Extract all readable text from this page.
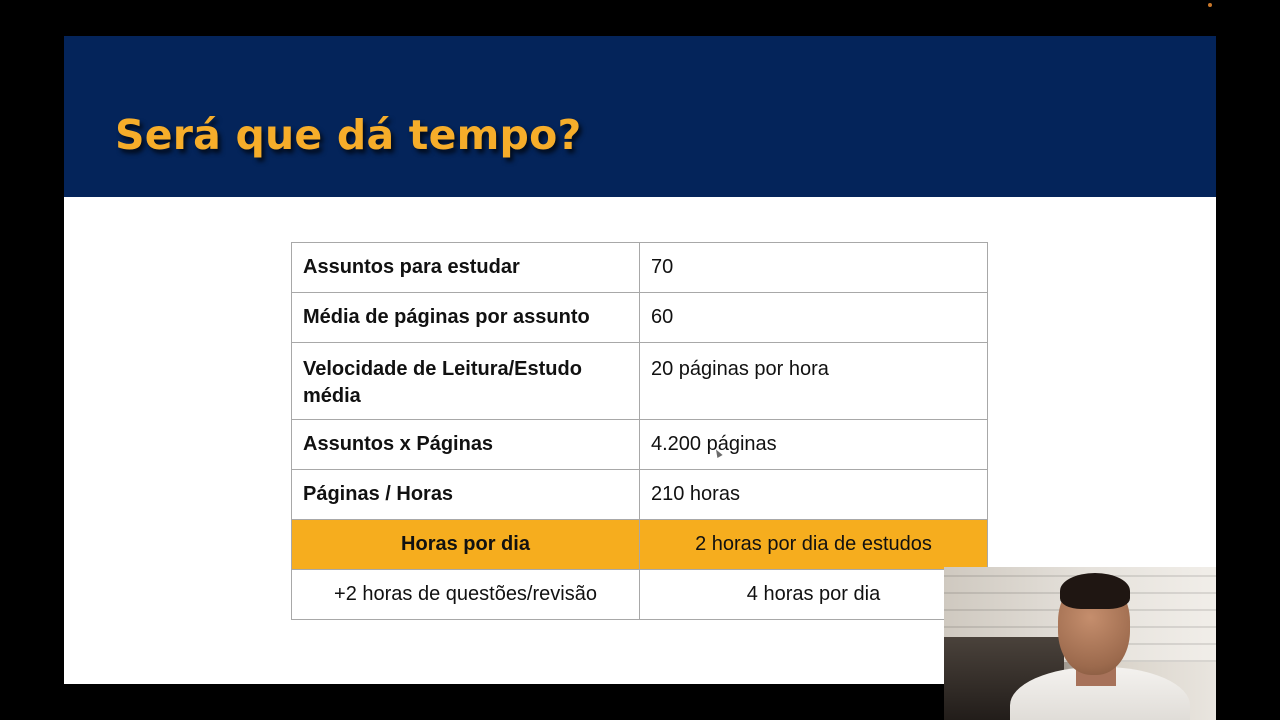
Será que dá tempo?
Assuntos para estudar	70
Média de páginas por assunto	60
Velocidade de Leitura/Estudo média	20 páginas por hora
Assuntos x Páginas	4.200 páginas
Páginas / Horas	210 horas
Horas por dia	2 horas por dia de estudos
+2 horas de questões/revisão	4 horas por dia
